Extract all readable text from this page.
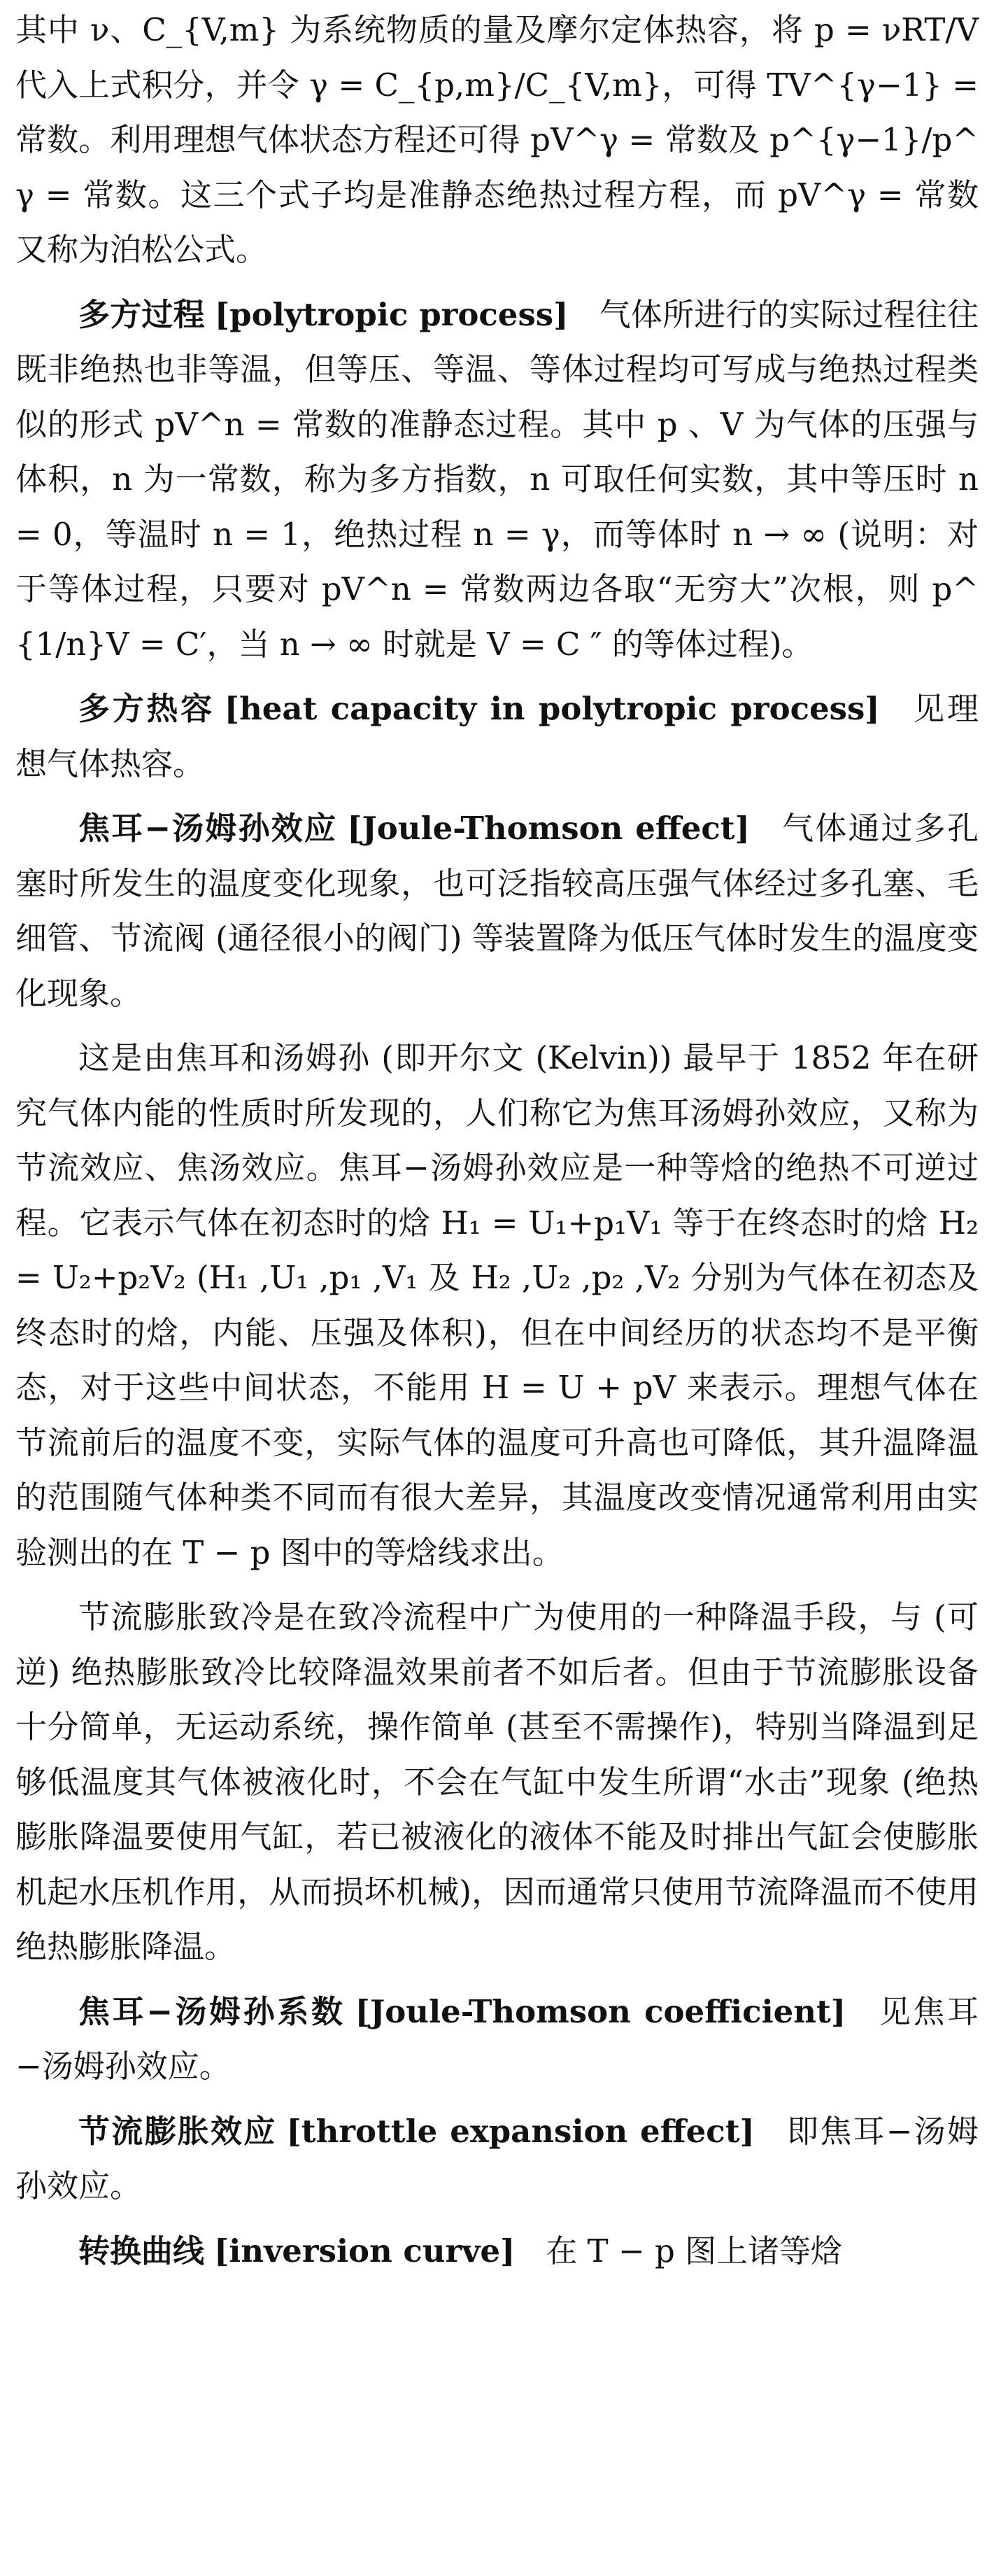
其中 ν、C_{V,m} 为系统物质的量及摩尔定体热容，将 p = νRT/V 代入上式积分，并令 γ = C_{p,m}/C_{V,m}，可得 TV^{γ−1} = 常数。利用理想气体状态方程还可得 pV^γ = 常数及 p^{γ−1}/p^γ = 常数。这三个式子均是准静态绝热过程方程，而 pV^γ = 常数又称为泊松公式。

多方过程 [polytropic process] 气体所进行的实际过程往往既非绝热也非等温，但等压、等温、等体过程均可写成与绝热过程类似的形式 pV^n = 常数的准静态过程。其中 p 、V 为气体的压强与体积，n 为一常数，称为多方指数，n 可取任何实数，其中等压时 n = 0，等温时 n = 1，绝热过程 n = γ，而等体时 n → ∞ (说明：对于等体过程，只要对 pV^n = 常数两边各取“无穷大”次根，则 p^{1/n}V = C′，当 n → ∞ 时就是 V = C ″ 的等体过程)。

多方热容 [heat capacity in polytropic process] 见理想气体热容。

焦耳−汤姆孙效应 [Joule-Thomson effect] 气体通过多孔塞时所发生的温度变化现象，也可泛指较高压强气体经过多孔塞、毛细管、节流阀 (通径很小的阀门) 等装置降为低压气体时发生的温度变化现象。

这是由焦耳和汤姆孙 (即开尔文 (Kelvin)) 最早于 1852 年在研究气体内能的性质时所发现的，人们称它为焦耳汤姆孙效应，又称为节流效应、焦汤效应。焦耳−汤姆孙效应是一种等焓的绝热不可逆过程。它表示气体在初态时的焓 H₁ = U₁+p₁V₁ 等于在终态时的焓 H₂ = U₂+p₂V₂ (H₁ ,U₁ ,p₁ ,V₁ 及 H₂ ,U₂ ,p₂ ,V₂ 分别为气体在初态及终态时的焓，内能、压强及体积)，但在中间经历的状态均不是平衡态，对于这些中间状态，不能用 H = U + pV 来表示。理想气体在节流前后的温度不变，实际气体的温度可升高也可降低，其升温降温的范围随气体种类不同而有很大差异，其温度改变情况通常利用由实验测出的在 T − p 图中的等焓线求出。

节流膨胀致冷是在致冷流程中广为使用的一种降温手段，与 (可逆) 绝热膨胀致冷比较降温效果前者不如后者。但由于节流膨胀设备十分简单，无运动系统，操作简单 (甚至不需操作)，特别当降温到足够低温度其气体被液化时，不会在气缸中发生所谓“水击”现象 (绝热膨胀降温要使用气缸，若已被液化的液体不能及时排出气缸会使膨胀机起水压机作用，从而损坏机械)，因而通常只使用节流降温而不使用绝热膨胀降温。

焦耳−汤姆孙系数 [Joule-Thomson coefficient] 见焦耳−汤姆孙效应。

节流膨胀效应 [throttle expansion effect] 即焦耳−汤姆孙效应。

转换曲线 [inversion curve] 在 T − p 图上诸等焓
